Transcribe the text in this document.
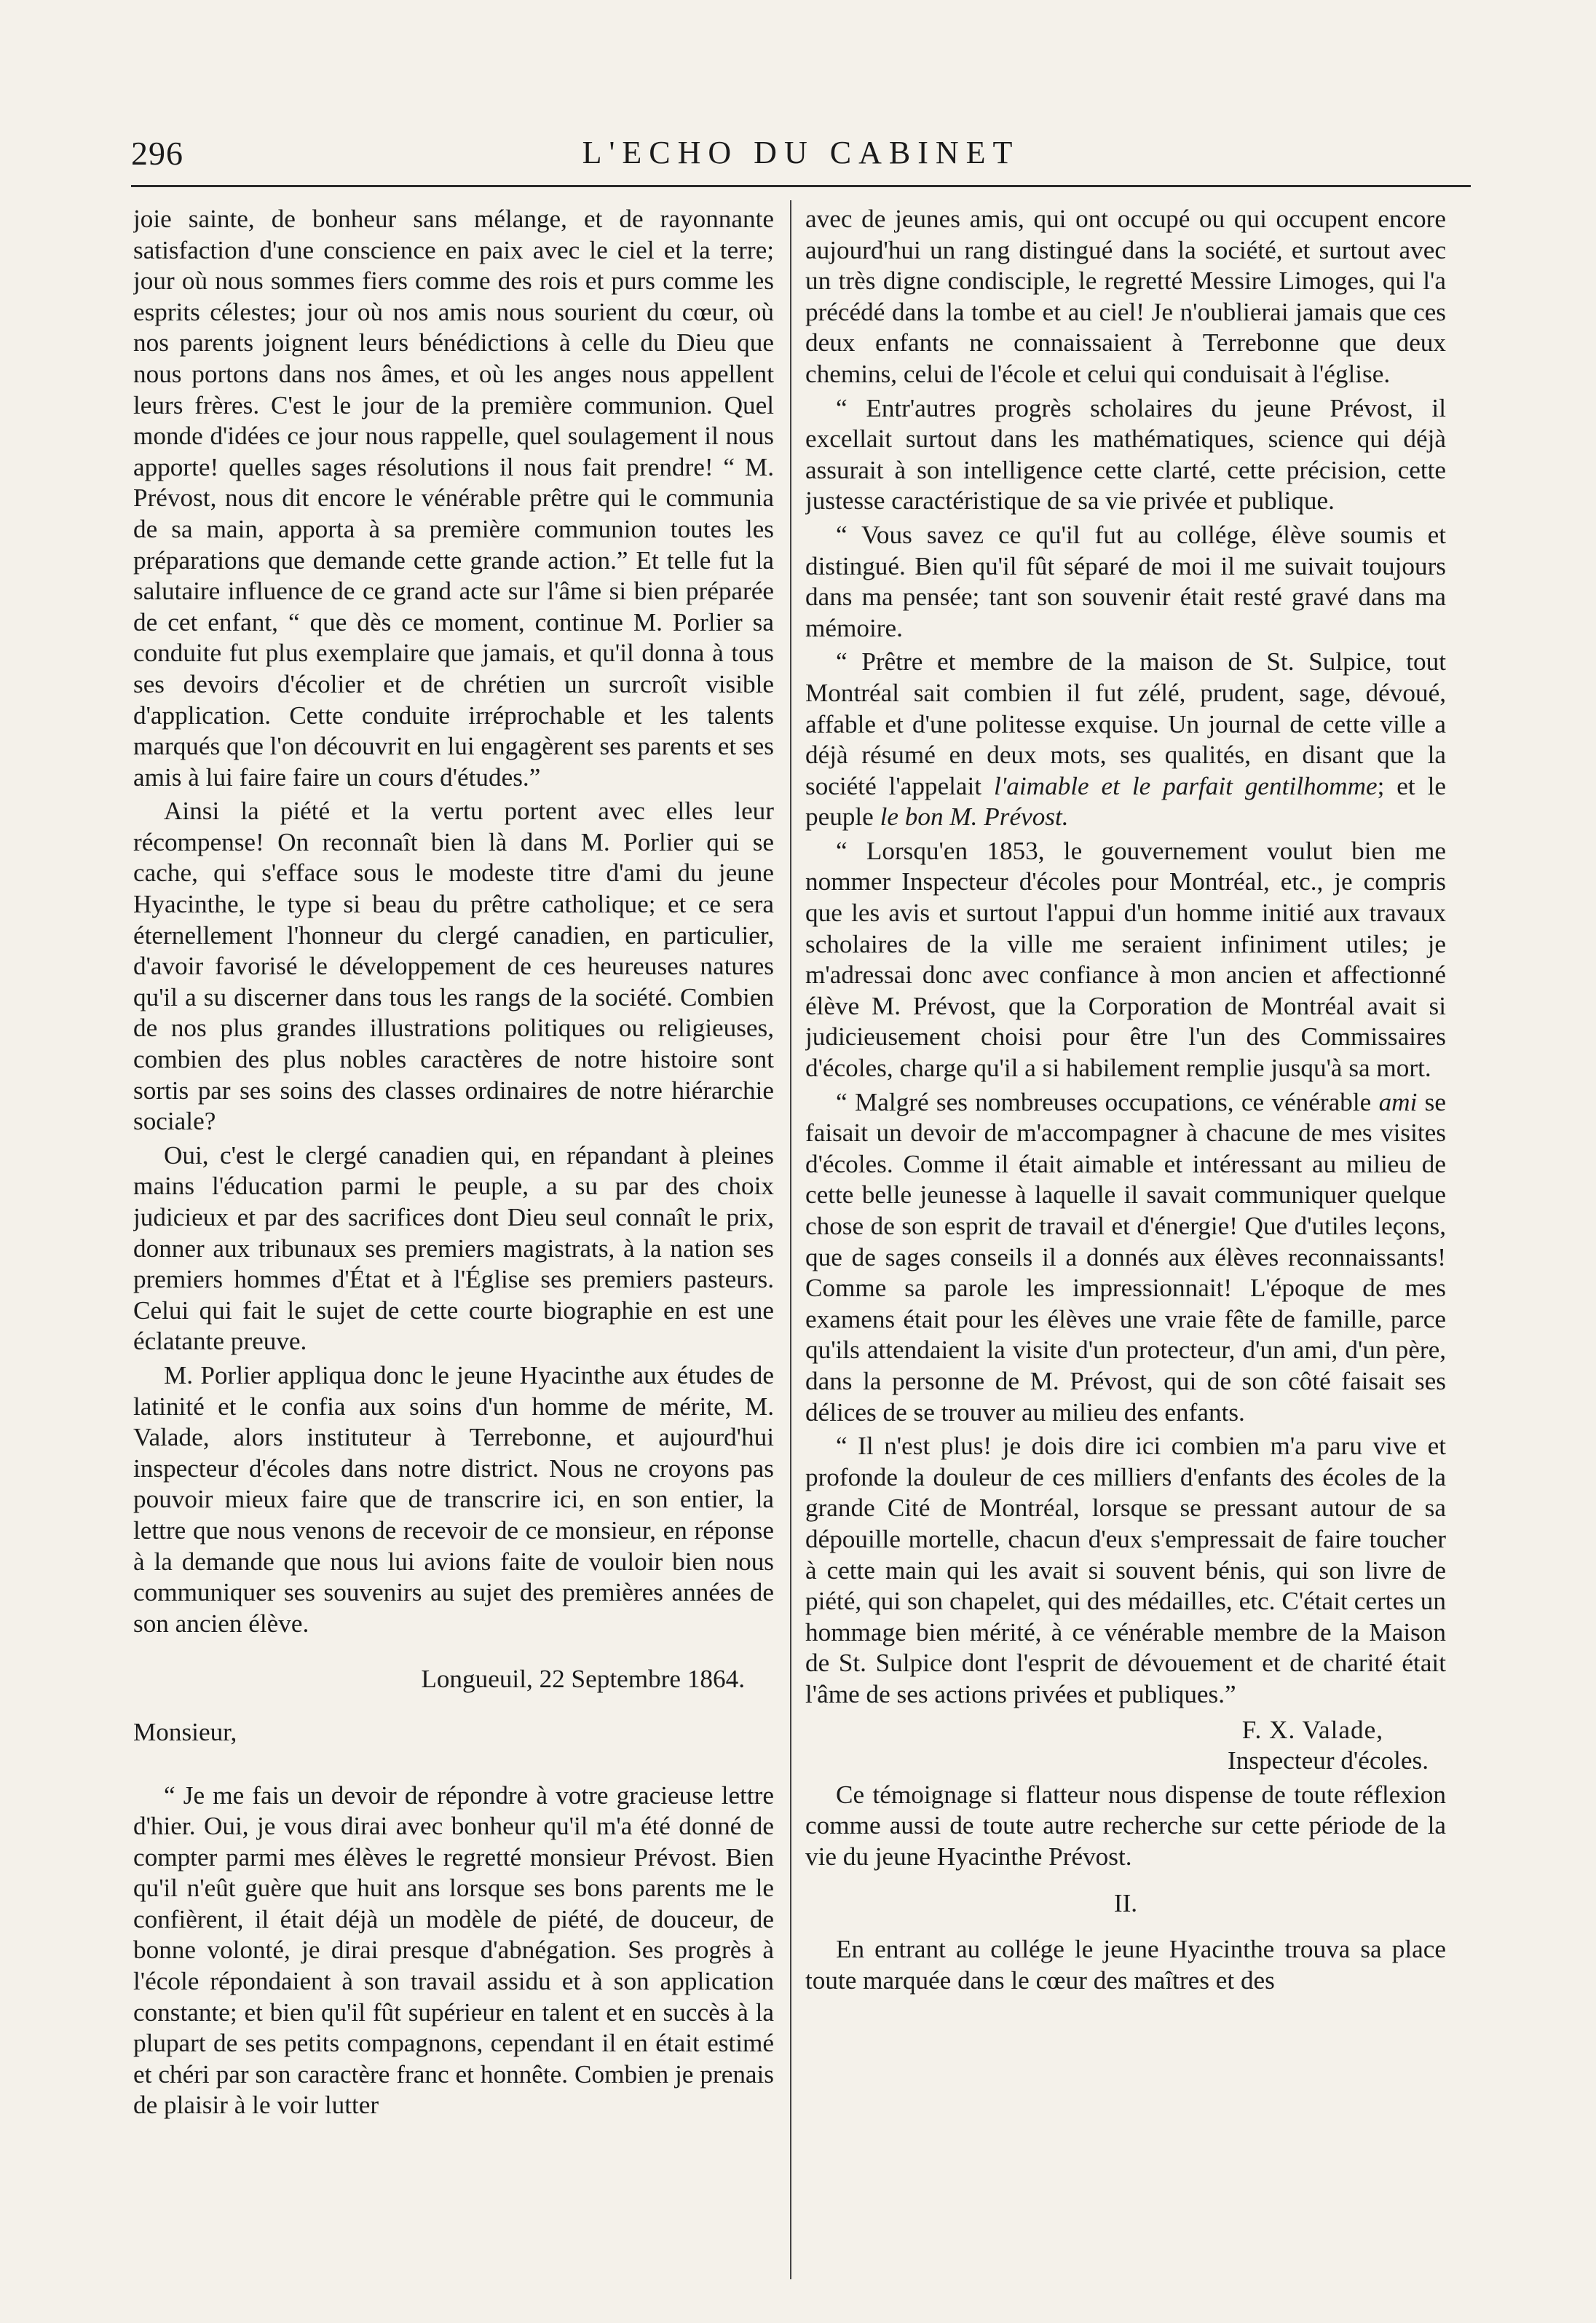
296	L'ECHO DU CABINET

joie sainte, de bonheur sans mélange, et de rayonnante satisfaction d'une conscience en paix avec le ciel et la terre; jour où nous sommes fiers comme des rois et purs comme les esprits célestes; jour où nos amis nous sourient du cœur, où nos parents joignent leurs bénédictions à celle du Dieu que nous portons dans nos âmes, et où les anges nous appellent leurs frères. C'est le jour de la première communion. Quel monde d'idées ce jour nous rappelle, quel soulagement il nous apporte! quelles sages résolutions il nous fait prendre! “ M. Prévost, nous dit encore le vénérable prêtre qui le communia de sa main, apporta à sa première communion toutes les préparations que demande cette grande action.” Et telle fut la salutaire influence de ce grand acte sur l'âme si bien préparée de cet enfant, “ que dès ce moment, continue M. Porlier sa conduite fut plus exemplaire que jamais, et qu'il donna à tous ses devoirs d'écolier et de chrétien un surcroît visible d'application. Cette conduite irréprochable et les talents marqués que l'on découvrit en lui engagèrent ses parents et ses amis à lui faire faire un cours d'études.”

Ainsi la piété et la vertu portent avec elles leur récompense! On reconnaît bien là dans M. Porlier qui se cache, qui s'efface sous le modeste titre d'ami du jeune Hyacinthe, le type si beau du prêtre catholique; et ce sera éternellement l'honneur du clergé canadien, en particulier, d'avoir favorisé le développement de ces heureuses natures qu'il a su discerner dans tous les rangs de la société. Combien de nos plus grandes illustrations politiques ou religieuses, combien des plus nobles caractères de notre histoire sont sortis par ses soins des classes ordinaires de notre hiérarchie sociale?

Oui, c'est le clergé canadien qui, en répandant à pleines mains l'éducation parmi le peuple, a su par des choix judicieux et par des sacrifices dont Dieu seul connaît le prix, donner aux tribunaux ses premiers magistrats, à la nation ses premiers hommes d'État et à l'Église ses premiers pasteurs. Celui qui fait le sujet de cette courte biographie en est une éclatante preuve.

M. Porlier appliqua donc le jeune Hyacinthe aux études de latinité et le confia aux soins d'un homme de mérite, M. Valade, alors instituteur à Terrebonne, et aujourd'hui inspecteur d'écoles dans notre district. Nous ne croyons pas pouvoir mieux faire que de transcrire ici, en son entier, la lettre que nous venons de recevoir de ce monsieur, en réponse à la demande que nous lui avions faite de vouloir bien nous communiquer ses souvenirs au sujet des premières années de son ancien élève.

Longueuil, 22 Septembre 1864.

Monsieur,

“ Je me fais un devoir de répondre à votre gracieuse lettre d'hier. Oui, je vous dirai avec bonheur qu'il m'a été donné de compter parmi mes élèves le regretté monsieur Prévost. Bien qu'il n'eût guère que huit ans lorsque ses bons parents me le confièrent, il était déjà un modèle de piété, de douceur, de bonne volonté, je dirai presque d'abnégation. Ses progrès à l'école répondaient à son travail assidu et à son application constante; et bien qu'il fût supérieur en talent et en succès à la plupart de ses petits compagnons, cependant il en était estimé et chéri par son caractère franc et honnête. Combien je prenais de plaisir à le voir lutter

avec de jeunes amis, qui ont occupé ou qui occupent encore aujourd'hui un rang distingué dans la société, et surtout avec un très digne condisciple, le regretté Messire Limoges, qui l'a précédé dans la tombe et au ciel! Je n'oublierai jamais que ces deux enfants ne connaissaient à Terrebonne que deux chemins, celui de l'école et celui qui conduisait à l'église.

“ Entr'autres progrès scholaires du jeune Prévost, il excellait surtout dans les mathématiques, science qui déjà assurait à son intelligence cette clarté, cette précision, cette justesse caractéristique de sa vie privée et publique.

“ Vous savez ce qu'il fut au collége, élève soumis et distingué. Bien qu'il fût séparé de moi il me suivait toujours dans ma pensée; tant son souvenir était resté gravé dans ma mémoire.

“ Prêtre et membre de la maison de St. Sulpice, tout Montréal sait combien il fut zélé, prudent, sage, dévoué, affable et d'une politesse exquise. Un journal de cette ville a déjà résumé en deux mots, ses qualités, en disant que la société l'appelait l'aimable et le parfait gentilhomme; et le peuple le bon M. Prévost.

“ Lorsqu'en 1853, le gouvernement voulut bien me nommer Inspecteur d'écoles pour Montréal, etc., je compris que les avis et surtout l'appui d'un homme initié aux travaux scholaires de la ville me seraient infiniment utiles; je m'adressai donc avec confiance à mon ancien et affectionné élève M. Prévost, que la Corporation de Montréal avait si judicieusement choisi pour être l'un des Commissaires d'écoles, charge qu'il a si habilement remplie jusqu'à sa mort.

“ Malgré ses nombreuses occupations, ce vénérable ami se faisait un devoir de m'accompagner à chacune de mes visites d'écoles. Comme il était aimable et intéressant au milieu de cette belle jeunesse à laquelle il savait communiquer quelque chose de son esprit de travail et d'énergie! Que d'utiles leçons, que de sages conseils il a donnés aux élèves reconnaissants! Comme sa parole les impressionnait! L'époque de mes examens était pour les élèves une vraie fête de famille, parce qu'ils attendaient la visite d'un protecteur, d'un ami, d'un père, dans la personne de M. Prévost, qui de son côté faisait ses délices de se trouver au milieu des enfants.

“ Il n'est plus! je dois dire ici combien m'a paru vive et profonde la douleur de ces milliers d'enfants des écoles de la grande Cité de Montréal, lorsque se pressant autour de sa dépouille mortelle, chacun d'eux s'empressait de faire toucher à cette main qui les avait si souvent bénis, qui son livre de piété, qui son chapelet, qui des médailles, etc. C'était certes un hommage bien mérité, à ce vénérable membre de la Maison de St. Sulpice dont l'esprit de dévouement et de charité était l'âme de ses actions privées et publiques.”

F. X. Valade,

Inspecteur d'écoles.

Ce témoignage si flatteur nous dispense de toute réflexion comme aussi de toute autre recherche sur cette période de la vie du jeune Hyacinthe Prévost.

II.

En entrant au collége le jeune Hyacinthe trouva sa place toute marquée dans le cœur des maîtres et des
